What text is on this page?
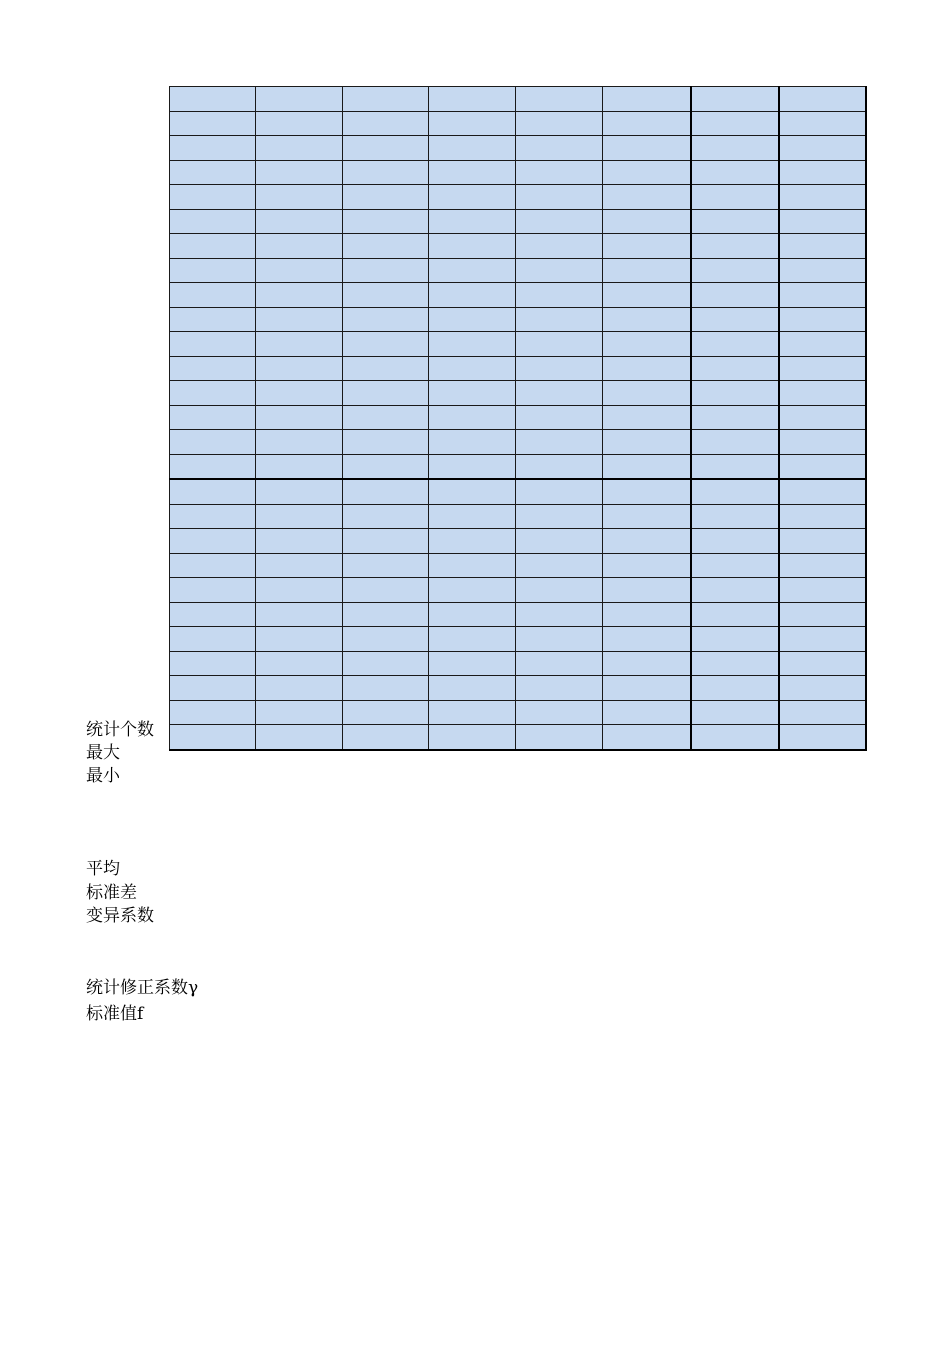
统计个数
最大
最小
平均
标准差
变异系数
统计修正系数γ
标准值f
